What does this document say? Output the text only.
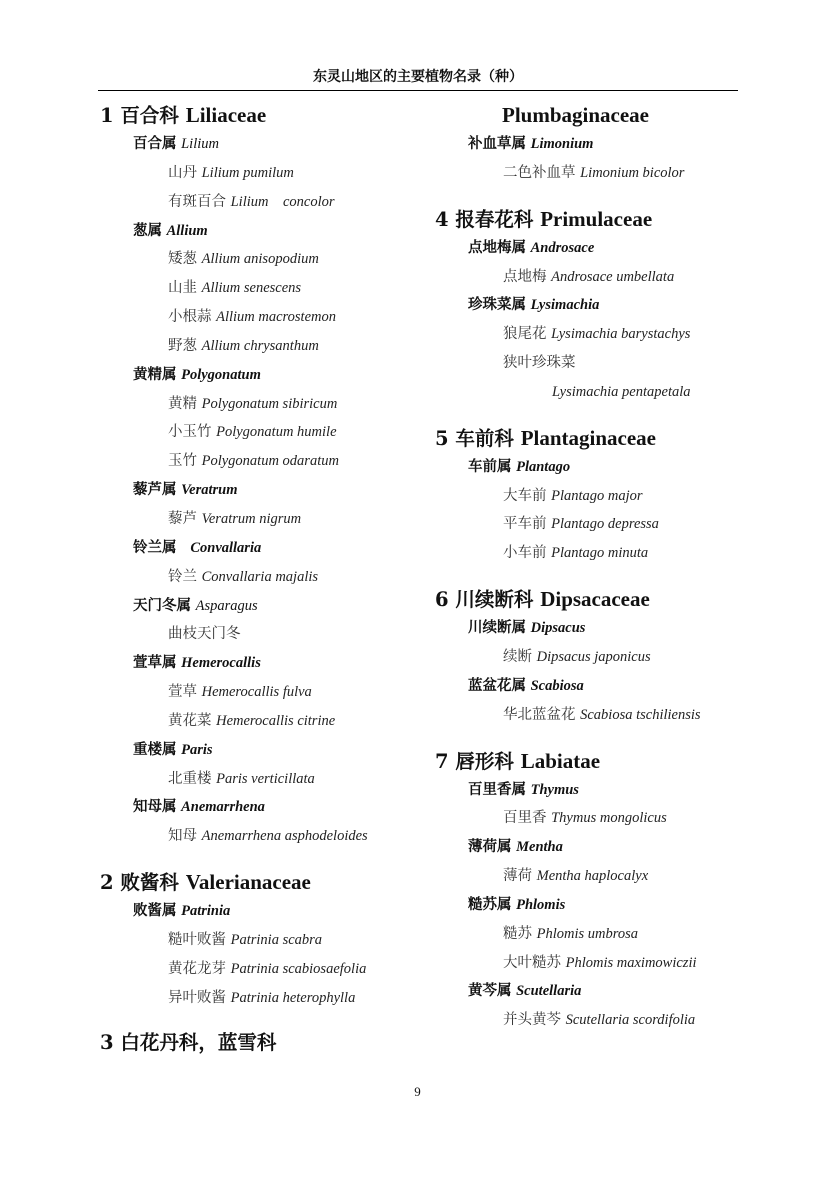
东灵山地区的主要植物名录（种）
1 百合科 Liliaceae
百合属 Lilium
山丹 Lilium pumilum
有斑百合 Lilium    concolor
葱属 Allium
矮葱 Allium anisopodium
山韭 Allium senescens
小根蒜 Allium macrostemon
野葱 Allium chrysanthum
黄精属 Polygonatum
黄精 Polygonatum sibiricum
小玉竹 Polygonatum humile
玉竹 Polygonatum odaratum
藜芦属 Veratrum
藜芦 Veratrum nigrum
铃兰属 Convallaria
铃兰 Convallaria majalis
天门冬属 Asparagus
曲枝天门冬
萱草属 Hemerocallis
萱草 Hemerocallis fulva
黄花菜 Hemerocallis citrine
重楼属 Paris
北重楼 Paris verticillata
知母属 Anemarrhena
知母 Anemarrhena asphodeloides
2 败酱科 Valerianaceae
败酱属 Patrinia
糙叶败酱 Patrinia scabra
黄花龙芽 Patrinia scabiosaefolia
异叶败酱 Patrinia heterophylla
3 白花丹科，蓝雪科
Plumbaginaceae
补血草属 Limonium
二色补血草 Limonium bicolor
4 报春花科 Primulaceae
点地梅属 Androsace
点地梅 Androsace umbellata
珍珠菜属 Lysimachia
狼尾花 Lysimachia barystachys
狭叶珍珠菜
Lysimachia pentapetala
5 车前科 Plantaginaceae
车前属 Plantago
大车前 Plantago major
平车前 Plantago depressa
小车前 Plantago minuta
6 川续断科 Dipsacaceae
川续断属 Dipsacus
续断 Dipsacus japonicus
蓝盆花属 Scabiosa
华北蓝盆花 Scabiosa tschiliensis
7 唇形科 Labiatae
百里香属 Thymus
百里香 Thymus mongolicus
薄荷属 Mentha
薄荷 Mentha haplocalyx
糙苏属 Phlomis
糙苏 Phlomis umbrosa
大叶糙苏 Phlomis maximowiczii
黄芩属 Scutellaria
并头黄芩 Scutellaria scordifolia
9
